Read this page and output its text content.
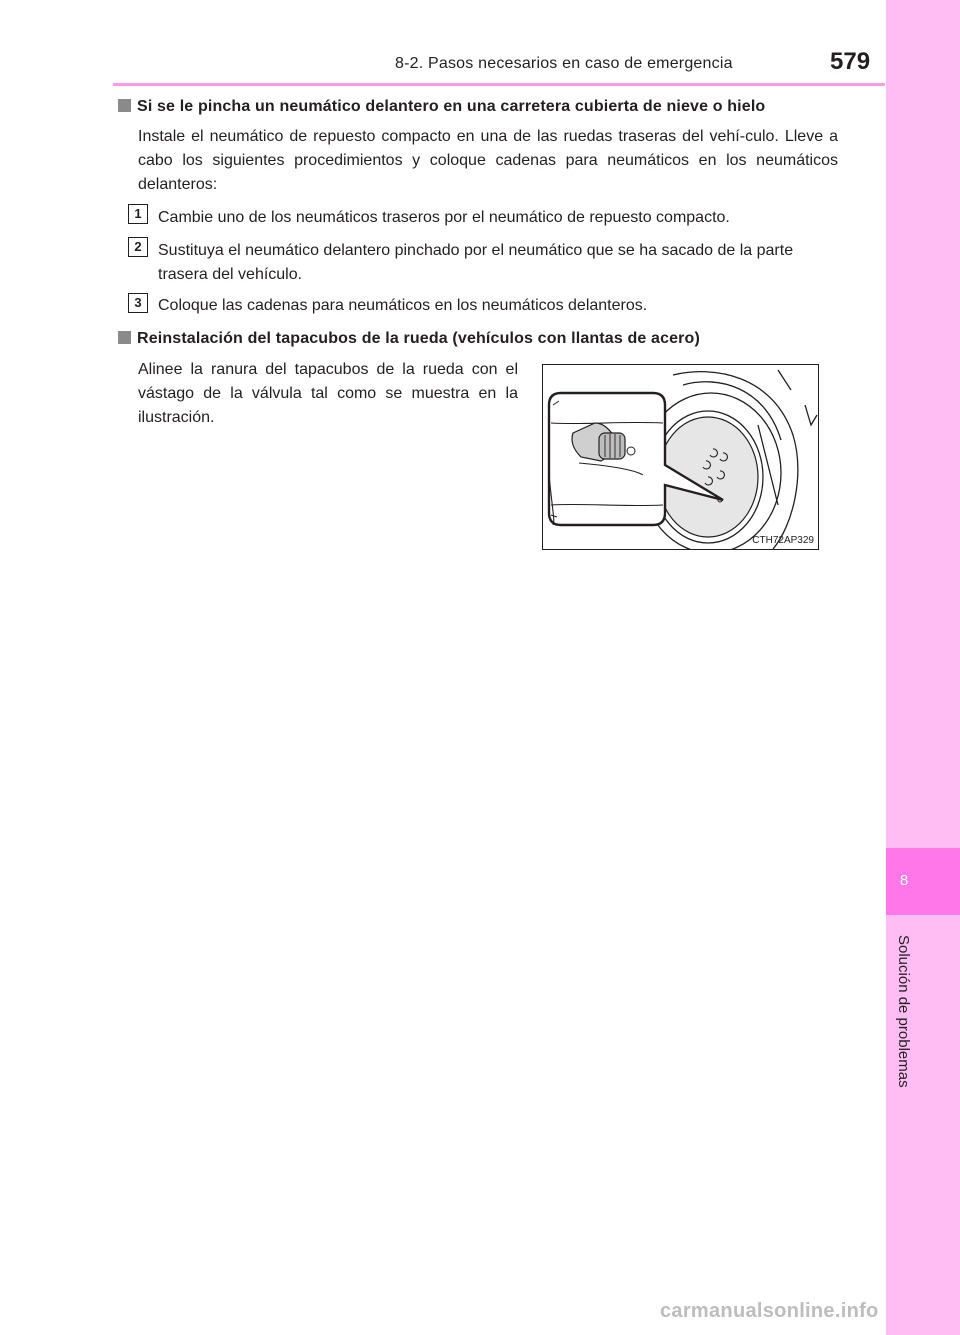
8-2. Pasos necesarios en caso de emergencia	579
8
Solución de problemas
Si se le pincha un neumático delantero en una carretera cubierta de nieve o hielo
Instale el neumático de repuesto compacto en una de las ruedas traseras del vehí-culo. Lleve a cabo los siguientes procedimientos y coloque cadenas para neumáticos en los neumáticos delanteros:
1	Cambie uno de los neumáticos traseros por el neumático de repuesto compacto.
2	Sustituya el neumático delantero pinchado por el neumático que se ha sacado de la parte trasera del vehículo.
3	Coloque las cadenas para neumáticos en los neumáticos delanteros.
Reinstalación del tapacubos de la rueda (vehículos con llantas de acero)
Alinee la ranura del tapacubos de la rueda con el vástago de la válvula tal como se muestra en la ilustración.
CTH72AP329
carmanualsonline.info
